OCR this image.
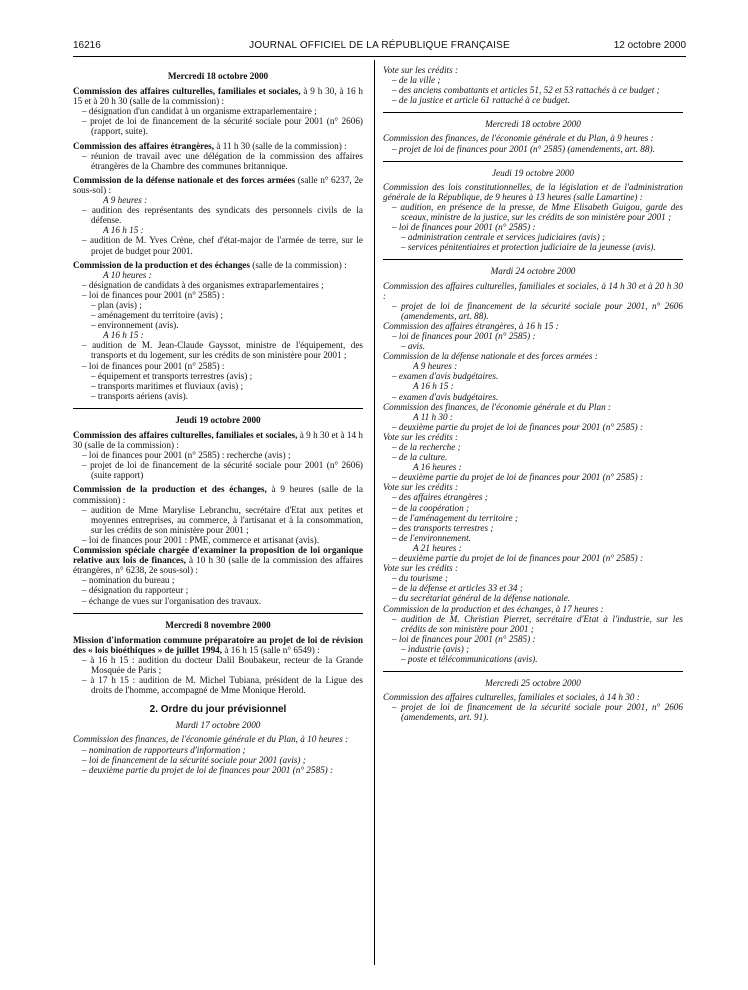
16216	JOURNAL OFFICIEL DE LA RÉPUBLIQUE FRANÇAISE	12 octobre 2000
Mercredi 18 octobre 2000

Commission des affaires culturelles, familiales et sociales, à 9 h 30, à 16 h 15 et à 20 h 30 (salle de la commission) :

– désignation d'un candidat à un organisme extraparlementaire ;

– projet de loi de financement de la sécurité sociale pour 2001 (n° 2606) (rapport, suite).

Commission des affaires étrangères, à 11 h 30 (salle de la commission) :

– réunion de travail avec une délégation de la commission des affaires étrangères de la Chambre des communes britannique.

Commission de la défense nationale et des forces armées (salle n° 6237, 2e sous-sol) :

A 9 heures :

– audition des représentants des syndicats des personnels civils de la défense.

A 16 h 15 :

– audition de M. Yves Crène, chef d'état-major de l'armée de terre, sur le projet de budget pour 2001.

Commission de la production et des échanges (salle de la commission) :

A 10 heures :

– désignation de candidats à des organismes extraparlementaires ;

– loi de finances pour 2001 (n° 2585) :

– plan (avis) ;

– aménagement du territoire (avis) ;

– environnement (avis).

A 16 h 15 :

– audition de M. Jean-Claude Gayssot, ministre de l'équipement, des transports et du logement, sur les crédits de son ministère pour 2001 ;

– loi de finances pour 2001 (n° 2585) :

– équipement et transports terrestres (avis) ;

– transports maritimes et fluviaux (avis) ;

– transports aériens (avis).

Jeudi 19 octobre 2000

Commission des affaires culturelles, familiales et sociales, à 9 h 30 et à 14 h 30 (salle de la commission) :

– loi de finances pour 2001 (n° 2585) : recherche (avis) ;

– projet de loi de financement de la sécurité sociale pour 2001 (n° 2606) (suite rapport)

Commission de la production et des échanges, à 9 heures (salle de la commission) :

– audition de Mme Marylise Lebranchu, secrétaire d'Etat aux petites et moyennes entreprises, au commerce, à l'artisanat et à la consommation, sur les crédits de son ministère pour 2001 ;

– loi de finances pour 2001 : PME, commerce et artisanat (avis).

Commission spéciale chargée d'examiner la proposition de loi organique relative aux lois de finances, à 10 h 30 (salle de la commission des affaires étrangères, n° 6238, 2e sous-sol) :

– nomination du bureau ;

– désignation du rapporteur ;

– échange de vues sur l'organisation des travaux.

Mercredi 8 novembre 2000

Mission d'information commune préparatoire au projet de loi de révision des « lois bioéthiques » de juillet 1994, à 16 h 15 (salle n° 6549) :

– à 16 h 15 : audition du docteur Dalil Boubakeur, recteur de la Grande Mosquée de Paris ;

– à 17 h 15 : audition de M. Michel Tubiana, président de la Ligue des droits de l'homme, accompagné de Mme Monique Herold.

2. Ordre du jour prévisionnel
Mardi 17 octobre 2000

Commission des finances, de l'économie générale et du Plan, à 10 heures :

– nomination de rapporteurs d'information ;

– loi de financement de la sécurité sociale pour 2001 (avis) ;

– deuxième partie du projet de loi de finances pour 2001 (n° 2585) :

Vote sur les crédits :

– de la ville ;

– des anciens combattants et articles 51, 52 et 53 rattachés à ce budget ;

– de la justice et article 61 rattaché à ce budget.

Mercredi 18 octobre 2000

Commission des finances, de l'économie générale et du Plan, à 9 heures :

– projet de loi de finances pour 2001 (n° 2585) (amendements, art. 88).

Jeudi 19 octobre 2000

Commission des lois constitutionnelles, de la législation et de l'administration générale de la République, de 9 heures à 13 heures (salle Lamartine) :

– audition, en présence de la presse, de Mme Elisabeth Guigou, garde des sceaux, ministre de la justice, sur les crédits de son ministère pour 2001 ;

– loi de finances pour 2001 (n° 2585) :

– administration centrale et services judiciaires (avis) ;

– services pénitentiaires et protection judiciaire de la jeunesse (avis).

Mardi 24 octobre 2000

Commission des affaires culturelles, familiales et sociales, à 14 h 30 et à 20 h 30 :

– projet de loi de financement de la sécurité sociale pour 2001, n° 2606 (amendements, art. 88).

Commission des affaires étrangères, à 16 h 15 :

– loi de finances pour 2001 (n° 2585) :

– avis.

Commission de la défense nationale et des forces armées :

A 9 heures :

– examen d'avis budgétaires.

A 16 h 15 :

– examen d'avis budgétaires.

Commission des finances, de l'économie générale et du Plan :

A 11 h 30 :

– deuxième partie du projet de loi de finances pour 2001 (n° 2585) :

Vote sur les crédits :

– de la recherche ;

– de la culture.

A 16 heures :

– deuxième partie du projet de loi de finances pour 2001 (n° 2585) :

Vote sur les crédits :

– des affaires étrangères ;

– de la coopération ;

– de l'aménagement du territoire ;

– des transports terrestres ;

– de l'environnement.

A 21 heures :

– deuxième partie du projet de loi de finances pour 2001 (n° 2585) :

Vote sur les crédits :

– du tourisme ;

– de la défense et articles 33 et 34 ;

– du secrétariat général de la défense nationale.

Commission de la production et des échanges, à 17 heures :

– audition de M. Christian Pierret, secrétaire d'Etat à l'industrie, sur les crédits de son ministère pour 2001 ;

– loi de finances pour 2001 (n° 2585) :

– industrie (avis) ;

– poste et télécommunications (avis).

Mercredi 25 octobre 2000

Commission des affaires culturelles, familiales et sociales, à 14 h 30 :

– projet de loi de financement de la sécurité sociale pour 2001, n° 2606 (amendements, art. 91).
